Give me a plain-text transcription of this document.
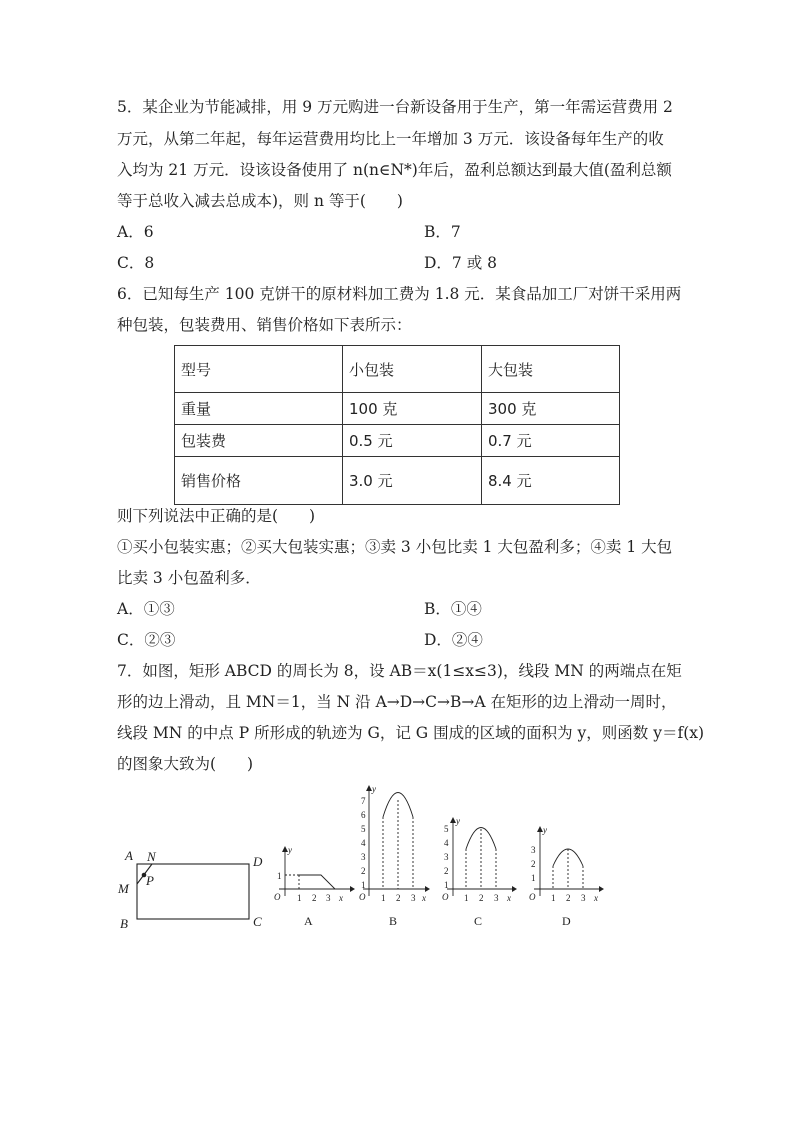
5．某企业为节能减排，用 9 万元购进一台新设备用于生产，第一年需运营费用 2
万元，从第二年起，每年运营费用均比上一年增加 3 万元．该设备每年生产的收
入均为 21 万元．设该设备使用了 n(n∈N*)年后，盈利总额达到最大值(盈利总额
等于总收入减去总成本)，则 n 等于(　　)
A．6	B．7
C．8	D．7 或 8
6．已知每生产 100 克饼干的原材料加工费为 1.8 元．某食品加工厂对饼干采用两
种包装，包装费用、销售价格如下表所示：
型号	小包装	大包装
重量	100 克	300 克
包装费	0.5 元	0.7 元
销售价格	3.0 元	8.4 元
则下列说法中正确的是(　　)
①买小包装实惠；②买大包装实惠；③卖 3 小包比卖 1 大包盈利多；④卖 1 大包
比卖 3 小包盈利多．
A．①③	B．①④
C．②③	D．②④
7．如图，矩形 ABCD 的周长为 8，设 AB＝x(1≤x≤3)，线段 MN 的两端点在矩
形的边上滑动，且 MN＝1，当 N 沿 A→D→C→B→A 在矩形的边上滑动一周时，
线段 MN 的中点 P 所形成的轨迹为 G，记 G 围成的区域的面积为 y，则函数 y＝f(x)
的图象大致为(　　)
A N	D
M
P
B	C
y
1
O 1 2 3 x
A
y
7
6
5
4
3
2
1
O 1 2 3 x
B
y
5
4
3
2
1
O 1 2 3 x
C
y
3
2
1
O 1 2 3 x
D
